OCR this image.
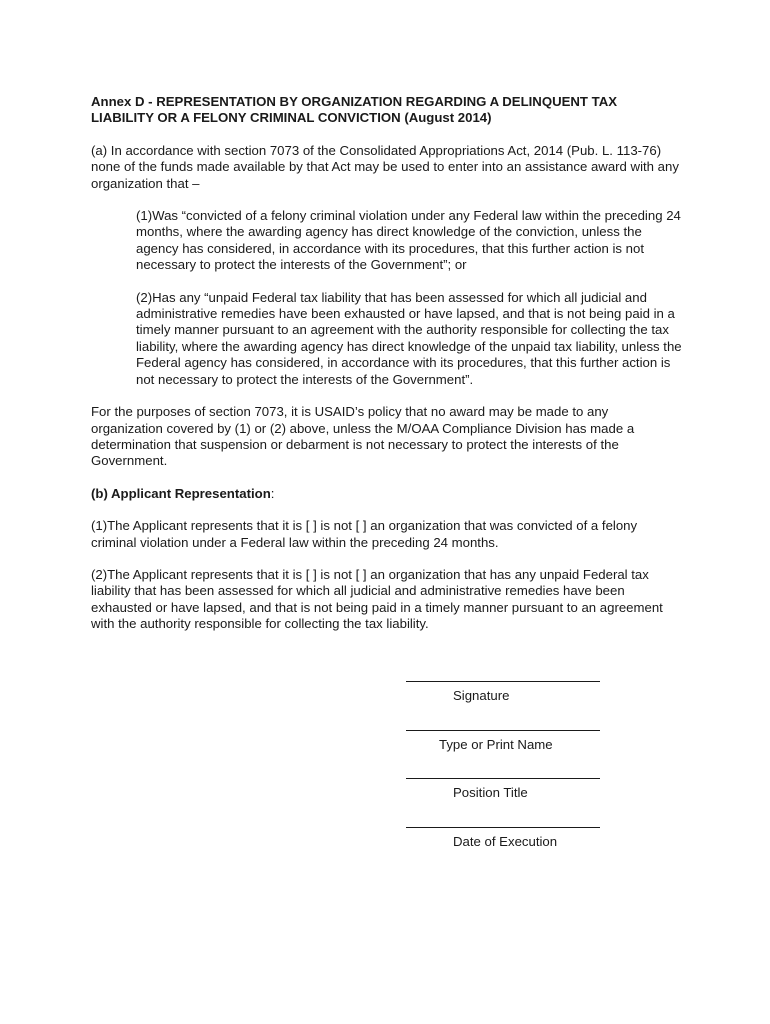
Annex D - REPRESENTATION BY ORGANIZATION REGARDING A DELINQUENT TAX LIABILITY OR A FELONY CRIMINAL CONVICTION (August 2014)

(a) In accordance with section 7073 of the Consolidated Appropriations Act, 2014 (Pub. L. 113-76) none of the funds made available by that Act may be used to enter into an assistance award with any organization that –

(1)Was “convicted of a felony criminal violation under any Federal law within the preceding 24 months, where the awarding agency has direct knowledge of the conviction, unless the agency has considered, in accordance with its procedures, that this further action is not necessary to protect the interests of the Government”; or

(2)Has any “unpaid Federal tax liability that has been assessed for which all judicial and administrative remedies have been exhausted or have lapsed, and that is not being paid in a timely manner pursuant to an agreement with the authority responsible for collecting the tax liability, where the awarding agency has direct knowledge of the unpaid tax liability, unless the Federal agency has considered, in accordance with its procedures, that this further action is not necessary to protect the interests of the Government”.

For the purposes of section 7073, it is USAID’s policy that no award may be made to any organization covered by (1) or (2) above, unless the M/OAA Compliance Division has made a determination that suspension or debarment is not necessary to protect the interests of the Government.

(b) Applicant Representation:

(1)The Applicant represents that it is [ ] is not [ ] an organization that was convicted of a felony criminal violation under a Federal law within the preceding 24 months.

(2)The Applicant represents that it is [ ] is not [ ] an organization that has any unpaid Federal tax liability that has been assessed for which all judicial and administrative remedies have been exhausted or have lapsed, and that is not being paid in a timely manner pursuant to an agreement with the authority responsible for collecting the tax liability.

Signature
Type or Print Name
Position Title
Date of Execution
